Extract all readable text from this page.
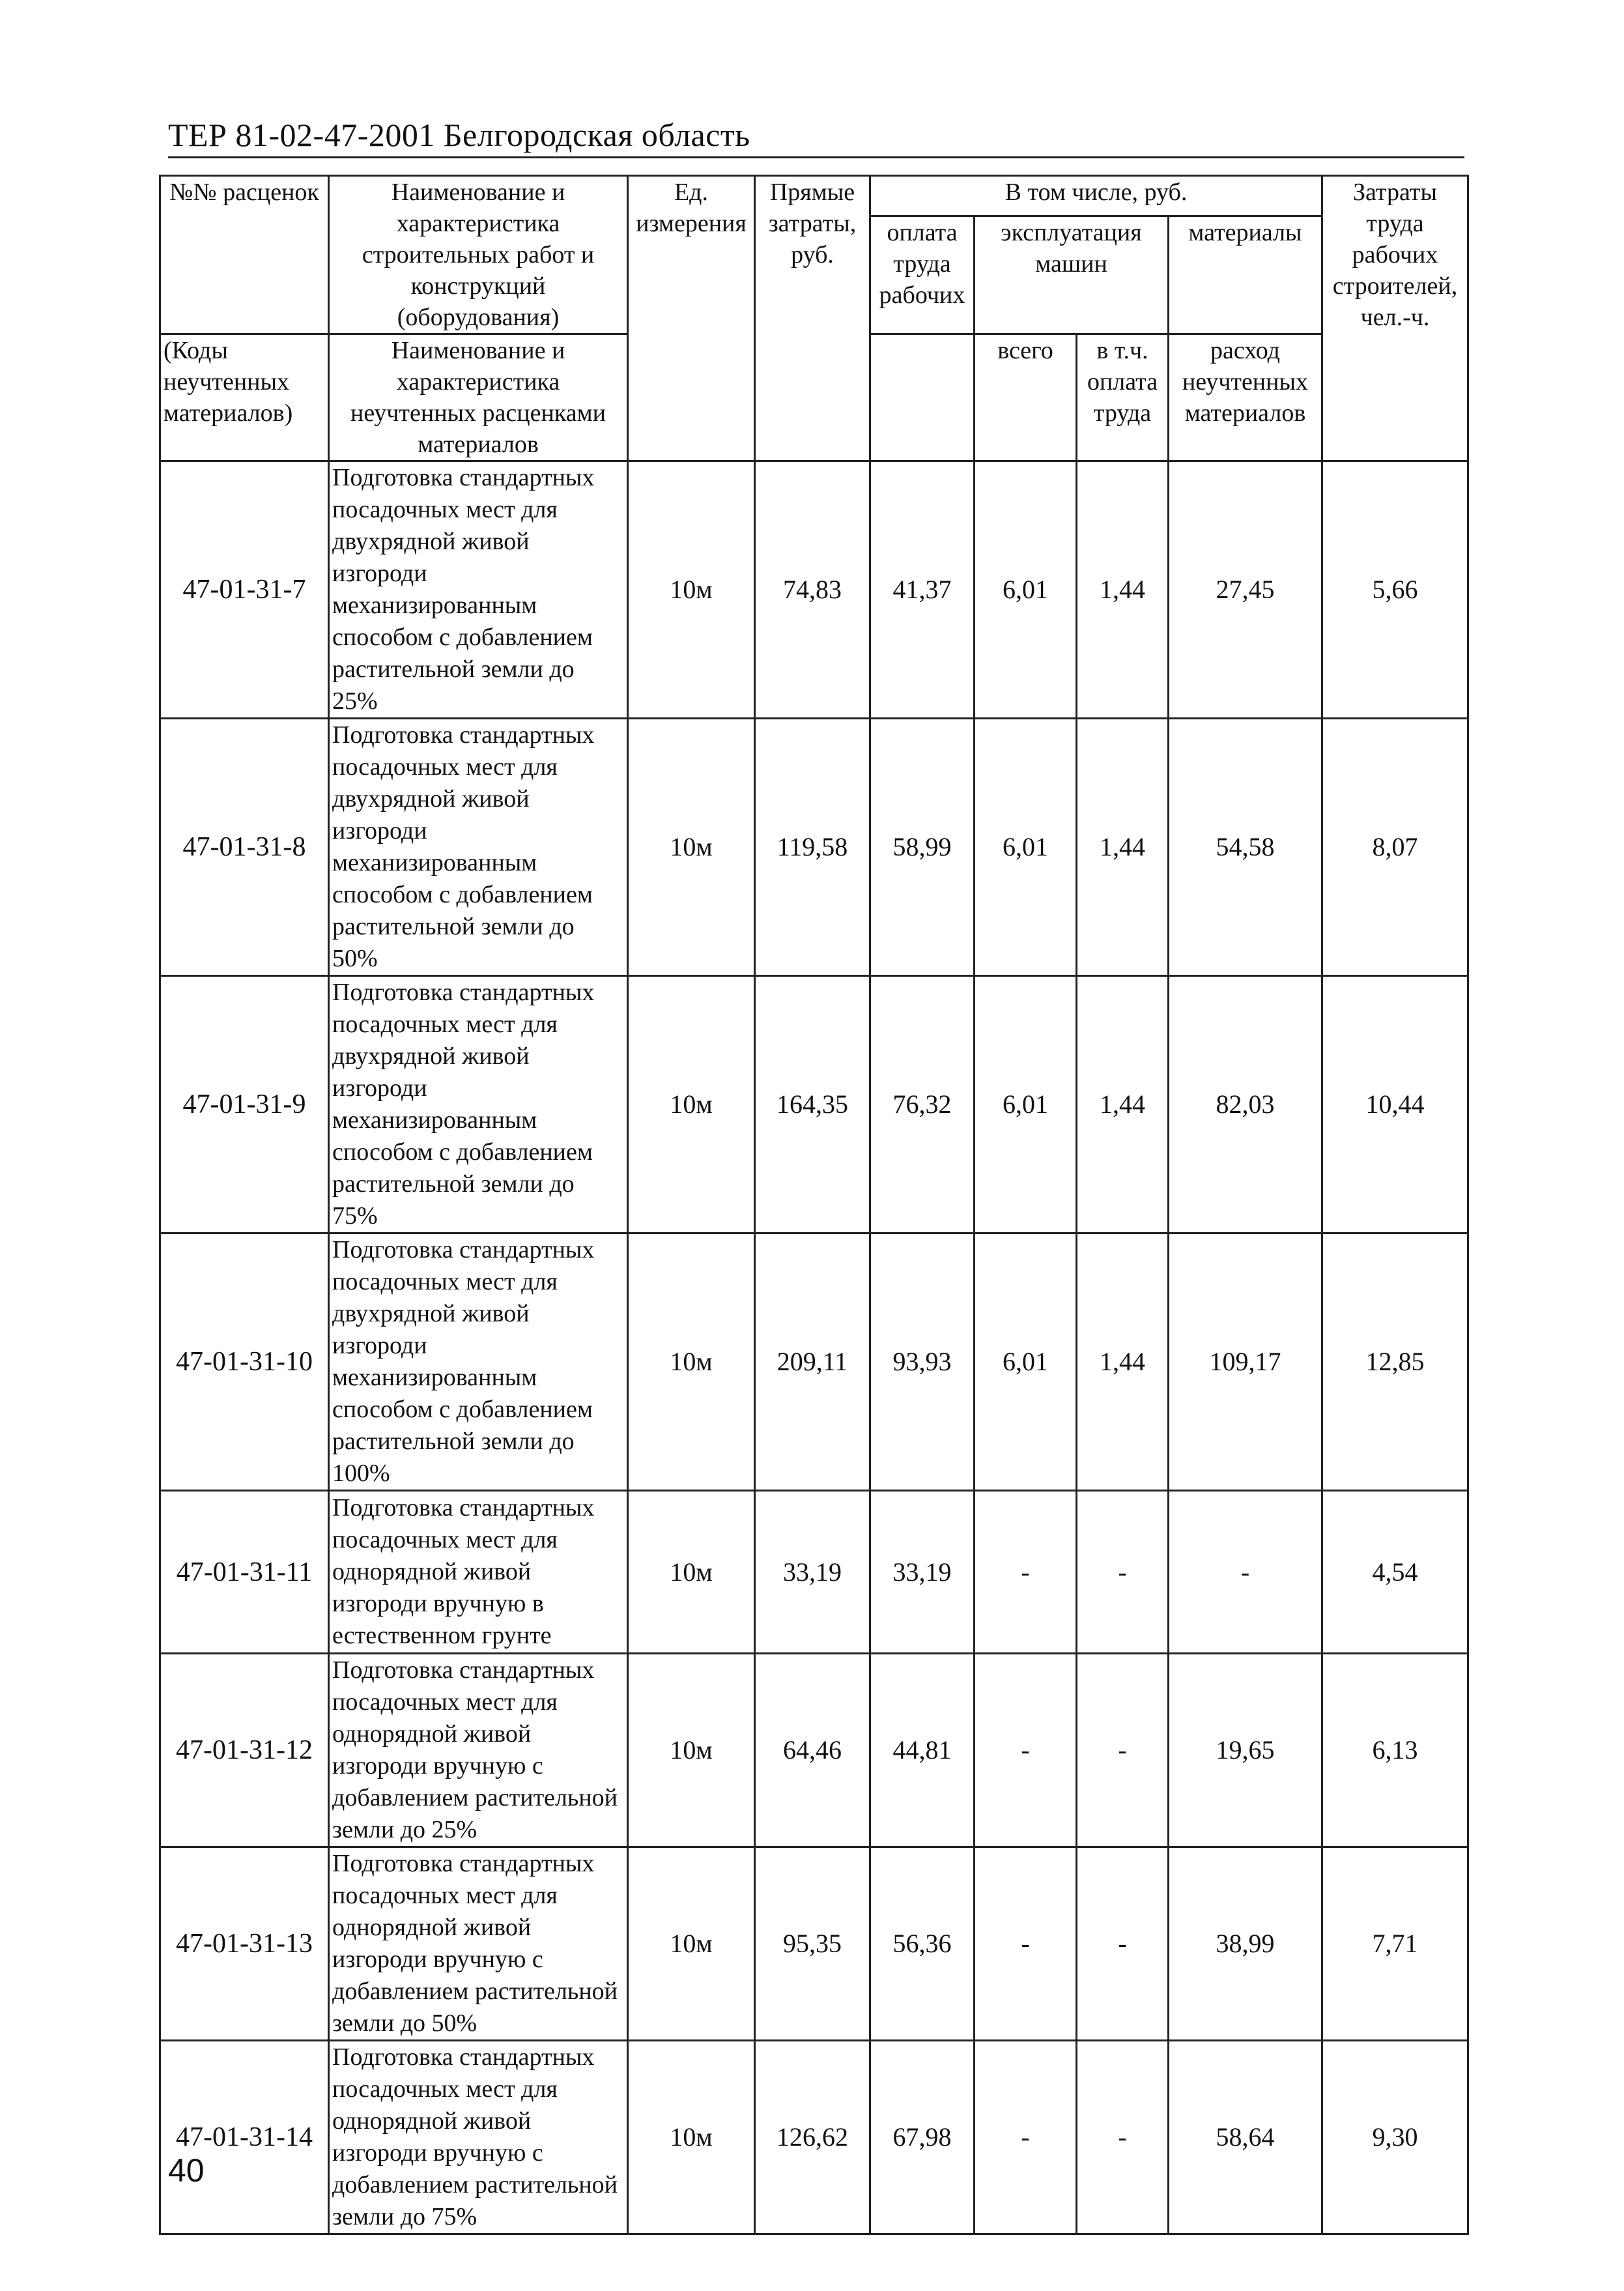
ТЕР 81-02-47-2001 Белгородская область
№№ расценок	Наименование и характеристика строительных работ и конструкций (оборудования)	Ед. измерения	Прямые затраты, руб.	В том числе, руб.				Затраты труда рабочих строителей, чел.-ч.
				оплата труда рабочих	эксплуатация машин		материалы	

(Коды неучтенных материалов)	Наименование и характеристика неучтенных расценками материалов				всего	в т.ч. оплата труда	расход неучтенных материалов	

47-01-31-7	Подготовка стандартных посадочных мест для двухрядной живой изгороди механизированным способом с добавлением растительной земли до 25%	10м	74,83	41,37	6,01	1,44	27,45	5,66
47-01-31-8	Подготовка стандартных посадочных мест для двухрядной живой изгороди механизированным способом с добавлением растительной земли до 50%	10м	119,58	58,99	6,01	1,44	54,58	8,07
47-01-31-9	Подготовка стандартных посадочных мест для двухрядной живой изгороди механизированным способом с добавлением растительной земли до 75%	10м	164,35	76,32	6,01	1,44	82,03	10,44
47-01-31-10	Подготовка стандартных посадочных мест для двухрядной живой изгороди механизированным способом с добавлением растительной земли до 100%	10м	209,11	93,93	6,01	1,44	109,17	12,85
47-01-31-11	Подготовка стандартных посадочных мест для однорядной живой изгороди вручную в естественном грунте	10м	33,19	33,19	-	-	-	4,54
47-01-31-12	Подготовка стандартных посадочных мест для однорядной живой изгороди вручную с добавлением растительной земли до 25%	10м	64,46	44,81	-	-	19,65	6,13
47-01-31-13	Подготовка стандартных посадочных мест для однорядной живой изгороди вручную с добавлением растительной земли до 50%	10м	95,35	56,36	-	-	38,99	7,71
47-01-31-14	Подготовка стандартных посадочных мест для однорядной живой изгороди вручную с добавлением растительной земли до 75%	10м	126,62	67,98	-	-	58,64	9,30
40
